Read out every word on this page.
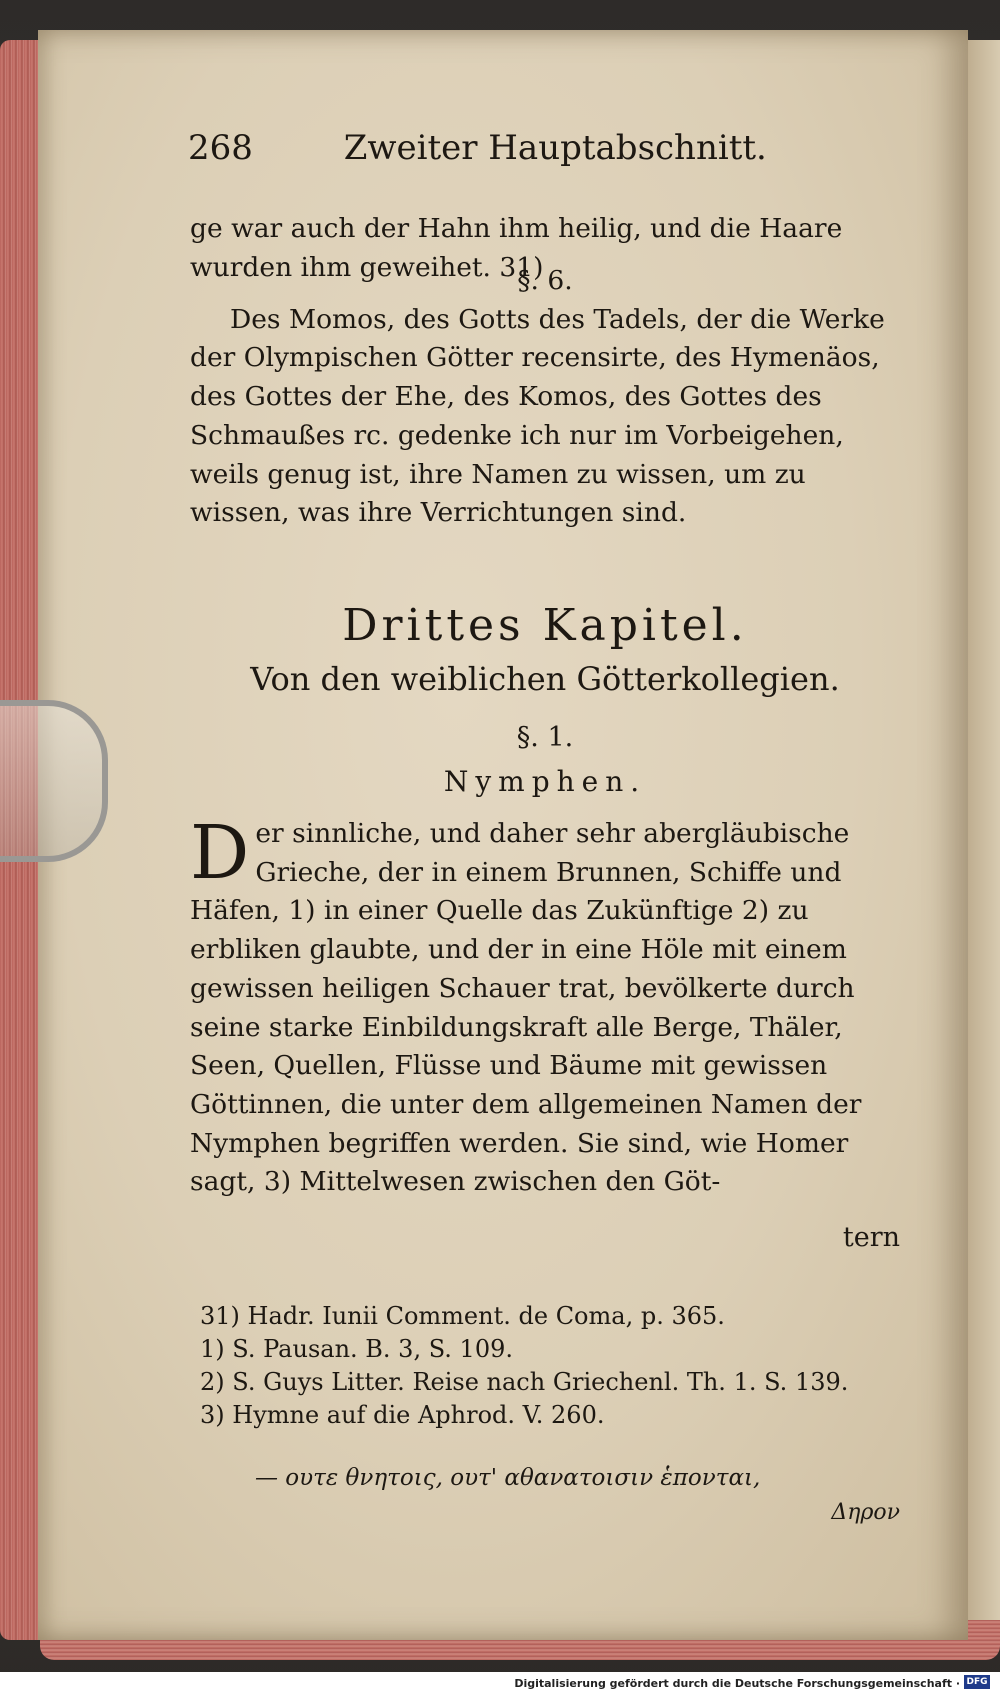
268	Zweiter Hauptabschnitt.
ge war auch der Hahn ihm heilig, und die Haare wurden ihm geweihet. 31)
§. 6.
Des Momos, des Gotts des Tadels, der die Werke der Olympischen Götter recensirte, des Hymenäos, des Gottes der Ehe, des Komos, des Gottes des Schmaußes rc. gedenke ich nur im Vorbeigehen, weils genug ist, ihre Namen zu wissen, um zu wissen, was ihre Verrichtungen sind.
Drittes Kapitel.
Von den weiblichen Götterkollegien.
§. 1.
Nymphen.
D er sinnliche, und daher sehr abergläubische Grieche, der in einem Brunnen, Schiffe und Häfen, 1) in einer Quelle das Zukünftige 2) zu erbliken glaubte, und der in eine Höle mit einem gewissen heiligen Schauer trat, bevölkerte durch seine starke Einbildungskraft alle Berge, Thäler, Seen, Quellen, Flüsse und Bäume mit gewissen Göttinnen, die unter dem allgemeinen Namen der Nymphen begriffen werden. Sie sind, wie Homer sagt, 3) Mittelwesen zwischen den Göt-
tern
31) Hadr. Iunii Comment. de Coma, p. 365.
1) S. Pausan. B. 3, S. 109.
2) S. Guys Litter. Reise nach Griechenl. Th. 1. S. 139.
3) Hymne auf die Aphrod. V. 260.
— ουτε θνητοις, ουτ' αθανατοισιν ἑπονται,
Δηρον
Digitalisierung gefördert durch die Deutsche Forschungsgemeinschaft · DFG
